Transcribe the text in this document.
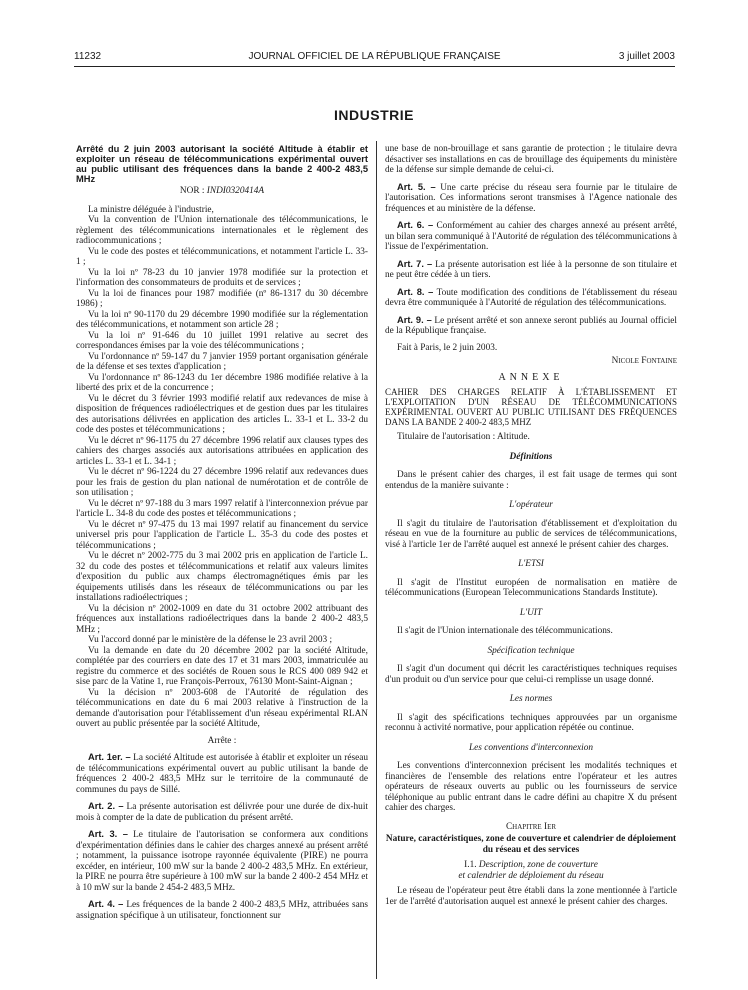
11232	JOURNAL OFFICIEL DE LA RÉPUBLIQUE FRANÇAISE	3 juillet 2003
INDUSTRIE

Arrêté du 2 juin 2003 autorisant la société Altitude à établir et exploiter un réseau de télécommunications expérimental ouvert au public utilisant des fréquences dans la bande 2 400-2 483,5 MHz

NOR : INDI0320414A

La ministre déléguée à l'industrie,

Vu la convention de l'Union internationale des télécommunications, le règlement des télécommunications internationales et le règlement des radiocommunications ;

Vu le code des postes et télécommunications, et notamment l'article L. 33-1 ;

Vu la loi nº 78-23 du 10 janvier 1978 modifiée sur la protection et l'information des consommateurs de produits et de services ;

Vu la loi de finances pour 1987 modifiée (nº 86-1317 du 30 décembre 1986) ;

Vu la loi nº 90-1170 du 29 décembre 1990 modifiée sur la réglementation des télécommunications, et notamment son article 28 ;

Vu la loi nº 91-646 du 10 juillet 1991 relative au secret des correspondances émises par la voie des télécommunications ;

Vu l'ordonnance nº 59-147 du 7 janvier 1959 portant organisation générale de la défense et ses textes d'application ;

Vu l'ordonnance nº 86-1243 du 1er décembre 1986 modifiée relative à la liberté des prix et de la concurrence ;

Vu le décret du 3 février 1993 modifié relatif aux redevances de mise à disposition de fréquences radioélectriques et de gestion dues par les titulaires des autorisations délivrées en application des articles L. 33-1 et L. 33-2 du code des postes et télécommunications ;

Vu le décret nº 96-1175 du 27 décembre 1996 relatif aux clauses types des cahiers des charges associés aux autorisations attribuées en application des articles L. 33-1 et L. 34-1 ;

Vu le décret nº 96-1224 du 27 décembre 1996 relatif aux redevances dues pour les frais de gestion du plan national de numérotation et de contrôle de son utilisation ;

Vu le décret nº 97-188 du 3 mars 1997 relatif à l'interconnexion prévue par l'article L. 34-8 du code des postes et télécommunications ;

Vu le décret nº 97-475 du 13 mai 1997 relatif au financement du service universel pris pour l'application de l'article L. 35-3 du code des postes et télécommunications ;

Vu le décret nº 2002-775 du 3 mai 2002 pris en application de l'article L. 32 du code des postes et télécommunications et relatif aux valeurs limites d'exposition du public aux champs électromagnétiques émis par les équipements utilisés dans les réseaux de télécommunications ou par les installations radioélectriques ;

Vu la décision nº 2002-1009 en date du 31 octobre 2002 attribuant des fréquences aux installations radioélectriques dans la bande 2 400-2 483,5 MHz ;

Vu l'accord donné par le ministère de la défense le 23 avril 2003 ;

Vu la demande en date du 20 décembre 2002 par la société Altitude, complétée par des courriers en date des 17 et 31 mars 2003, immatriculée au registre du commerce et des sociétés de Rouen sous le RCS 400 089 942 et sise parc de la Vatine 1, rue François-Perroux, 76130 Mont-Saint-Aignan ;

Vu la décision nº 2003-608 de l'Autorité de régulation des télécommunications en date du 6 mai 2003 relative à l'instruction de la demande d'autorisation pour l'établissement d'un réseau expérimental RLAN ouvert au public présentée par la société Altitude,

Arrête :

Art. 1er. – La société Altitude est autorisée à établir et exploiter un réseau de télécommunications expérimental ouvert au public utilisant la bande de fréquences 2 400-2 483,5 MHz sur le territoire de la communauté de communes du pays de Sillé.

Art. 2. – La présente autorisation est délivrée pour une durée de dix-huit mois à compter de la date de publication du présent arrêté.

Art. 3. – Le titulaire de l'autorisation se conformera aux conditions d'expérimentation définies dans le cahier des charges annexé au présent arrêté ; notamment, la puissance isotrope rayonnée équivalente (PIRE) ne pourra excéder, en intérieur, 100 mW sur la bande 2 400-2 483,5 MHz. En extérieur, la PIRE ne pourra être supérieure à 100 mW sur la bande 2 400-2 454 MHz et à 10 mW sur la bande 2 454-2 483,5 MHz.

Art. 4. – Les fréquences de la bande 2 400-2 483,5 MHz, attribuées sans assignation spécifique à un utilisateur, fonctionnent sur

une base de non-brouillage et sans garantie de protection ; le titulaire devra désactiver ses installations en cas de brouillage des équipements du ministère de la défense sur simple demande de celui-ci.

Art. 5. – Une carte précise du réseau sera fournie par le titulaire de l'autorisation. Ces informations seront transmises à l'Agence nationale des fréquences et au ministère de la défense.

Art. 6. – Conformément au cahier des charges annexé au présent arrêté, un bilan sera communiqué à l'Autorité de régulation des télécommunications à l'issue de l'expérimentation.

Art. 7. – La présente autorisation est liée à la personne de son titulaire et ne peut être cédée à un tiers.

Art. 8. – Toute modification des conditions de l'établissement du réseau devra être communiquée à l'Autorité de régulation des télécommunications.

Art. 9. – Le présent arrêté et son annexe seront publiés au Journal officiel de la République française.

Fait à Paris, le 2 juin 2003.

Nicole Fontaine

ANNEXE

CAHIER DES CHARGES RELATIF À L'ÉTABLISSEMENT ET L'EXPLOITATION D'UN RÉSEAU DE TÉLÉCOMMUNICATIONS EXPÉRIMENTAL OUVERT AU PUBLIC UTILISANT DES FRÉQUENCES DANS LA BANDE 2 400-2 483,5 MHZ

Titulaire de l'autorisation : Altitude.

Définitions

Dans le présent cahier des charges, il est fait usage de termes qui sont entendus de la manière suivante :

L'opérateur

Il s'agit du titulaire de l'autorisation d'établissement et d'exploitation du réseau en vue de la fourniture au public de services de télécommunications, visé à l'article 1er de l'arrêté auquel est annexé le présent cahier des charges.

L'ETSI

Il s'agit de l'Institut européen de normalisation en matière de télécommunications (European Telecommunications Standards Institute).

L'UIT

Il s'agit de l'Union internationale des télécommunications.

Spécification technique

Il s'agit d'un document qui décrit les caractéristiques techniques requises d'un produit ou d'un service pour que celui-ci remplisse un usage donné.

Les normes

Il s'agit des spécifications techniques approuvées par un organisme reconnu à activité normative, pour application répétée ou continue.

Les conventions d'interconnexion

Les conventions d'interconnexion précisent les modalités techniques et financières de l'ensemble des relations entre l'opérateur et les autres opérateurs de réseaux ouverts au public ou les fournisseurs de service téléphonique au public entrant dans le cadre défini au chapitre X du présent cahier des charges.

Chapitre Ier

Nature, caractéristiques, zone de couverture et calendrier de déploiement du réseau et des services

I.1. Description, zone de couverture
et calendrier de déploiement du réseau

Le réseau de l'opérateur peut être établi dans la zone mentionnée à l'article 1er de l'arrêté d'autorisation auquel est annexé le présent cahier des charges.
